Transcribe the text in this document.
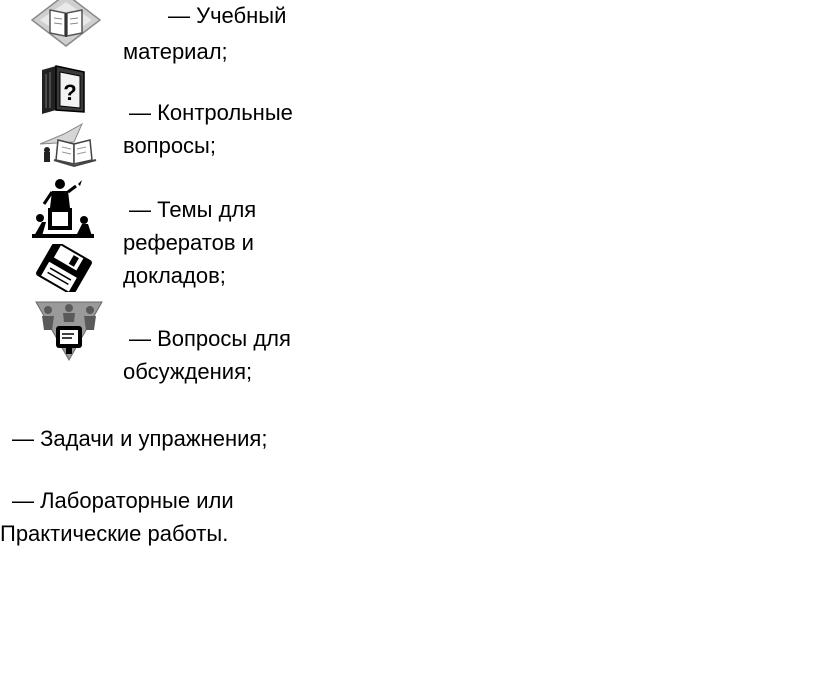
?
— Учебный
материал;
— Контрольные
вопросы;
— Темы для
рефератов и
докладов;
— Вопросы для
обсуждения;
— Задачи и упражнения;
— Лабораторные или
Практические работы.
